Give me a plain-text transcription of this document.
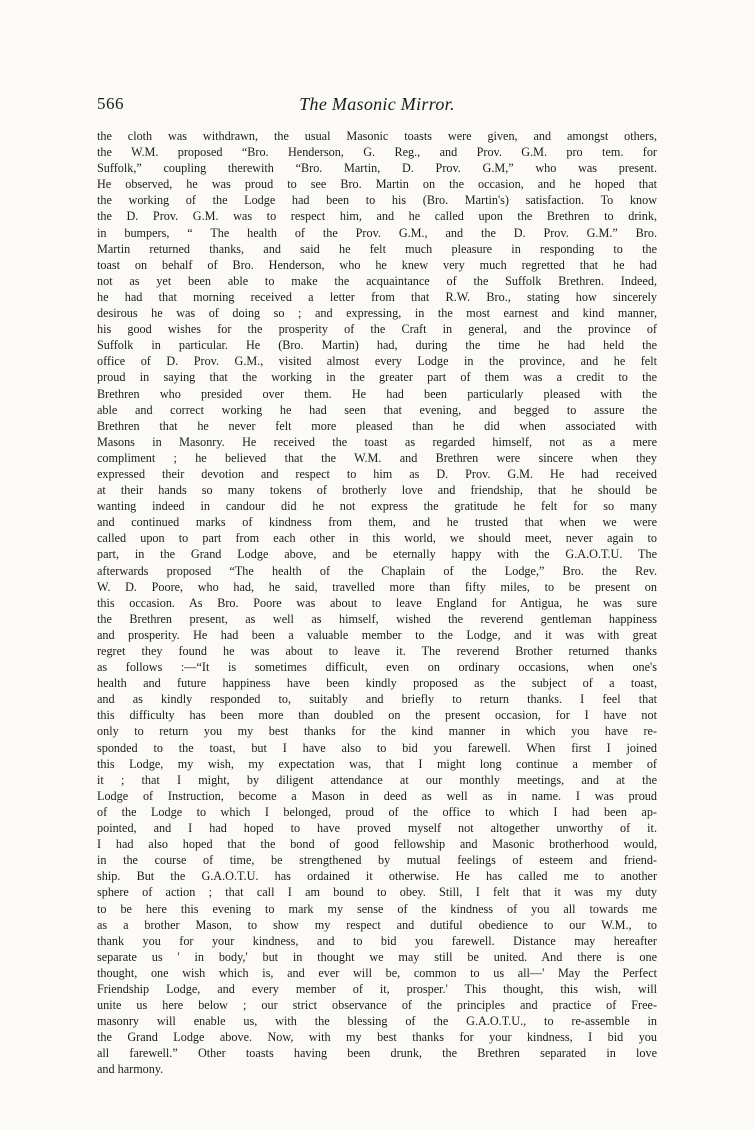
566	The Masonic Mirror.
the cloth was withdrawn, the usual Masonic toasts were given, and amongst others,
the W.M. proposed “Bro. Henderson, G. Reg., and Prov. G.M. pro tem. for
Suffolk,” coupling therewith “Bro. Martin, D. Prov. G.M,” who was present.
He observed, he was proud to see Bro. Martin on the occasion, and he hoped that
the working of the Lodge had been to his (Bro. Martin's) satisfaction. To know
the D. Prov. G.M. was to respect him, and he called upon the Brethren to drink,
in bumpers, “ The health of the Prov. G.M., and the D. Prov. G.M.” Bro.
Martin returned thanks, and said he felt much pleasure in responding to the
toast on behalf of Bro. Henderson, who he knew very much regretted that he had
not as yet been able to make the acquaintance of the Suffolk Brethren. Indeed,
he had that morning received a letter from that R.W. Bro., stating how sincerely
desirous he was of doing so ; and expressing, in the most earnest and kind manner,
his good wishes for the prosperity of the Craft in general, and the province of
Suffolk in particular. He (Bro. Martin) had, during the time he had held the
office of D. Prov. G.M., visited almost every Lodge in the province, and he felt
proud in saying that the working in the greater part of them was a credit to the
Brethren who presided over them. He had been particularly pleased with the
able and correct working he had seen that evening, and begged to assure the
Brethren that he never felt more pleased than he did when associated with
Masons in Masonry. He received the toast as regarded himself, not as a mere
compliment ; he believed that the W.M. and Brethren were sincere when they
expressed their devotion and respect to him as D. Prov. G.M. He had received
at their hands so many tokens of brotherly love and friendship, that he should be
wanting indeed in candour did he not express the gratitude he felt for so many
and continued marks of kindness from them, and he trusted that when we were
called upon to part from each other in this world, we should meet, never again to
part, in the Grand Lodge above, and be eternally happy with the G.A.O.T.U. The
afterwards proposed “The health of the Chaplain of the Lodge,” Bro. the Rev.
W. D. Poore, who had, he said, travelled more than fifty miles, to be present on
this occasion. As Bro. Poore was about to leave England for Antigua, he was sure
the Brethren present, as well as himself, wished the reverend gentleman happiness
and prosperity. He had been a valuable member to the Lodge, and it was with great
regret they found he was about to leave it. The reverend Brother returned thanks
as follows :—“It is sometimes difficult, even on ordinary occasions, when one's
health and future happiness have been kindly proposed as the subject of a toast,
and as kindly responded to, suitably and briefly to return thanks. I feel that
this difficulty has been more than doubled on the present occasion, for I have not
only to return you my best thanks for the kind manner in which you have re-
sponded to the toast, but I have also to bid you farewell. When first I joined
this Lodge, my wish, my expectation was, that I might long continue a member of
it ; that I might, by diligent attendance at our monthly meetings, and at the
Lodge of Instruction, become a Mason in deed as well as in name. I was proud
of the Lodge to which I belonged, proud of the office to which I had been ap-
pointed, and I had hoped to have proved myself not altogether unworthy of it.
I had also hoped that the bond of good fellowship and Masonic brotherhood would,
in the course of time, be strengthened by mutual feelings of esteem and friend-
ship. But the G.A.O.T.U. has ordained it otherwise. He has called me to another
sphere of action ; that call I am bound to obey. Still, I felt that it was my duty
to be here this evening to mark my sense of the kindness of you all towards me
as a brother Mason, to show my respect and dutiful obedience to our W.M., to
thank you for your kindness, and to bid you farewell. Distance may hereafter
separate us ' in body,' but in thought we may still be united. And there is one
thought, one wish which is, and ever will be, common to us all—' May the Perfect
Friendship Lodge, and every member of it, prosper.' This thought, this wish, will
unite us here below ; our strict observance of the principles and practice of Free-
masonry will enable us, with the blessing of the G.A.O.T.U., to re-assemble in
the Grand Lodge above. Now, with my best thanks for your kindness, I bid you
all farewell.” Other toasts having been drunk, the Brethren separated in love
and harmony.
